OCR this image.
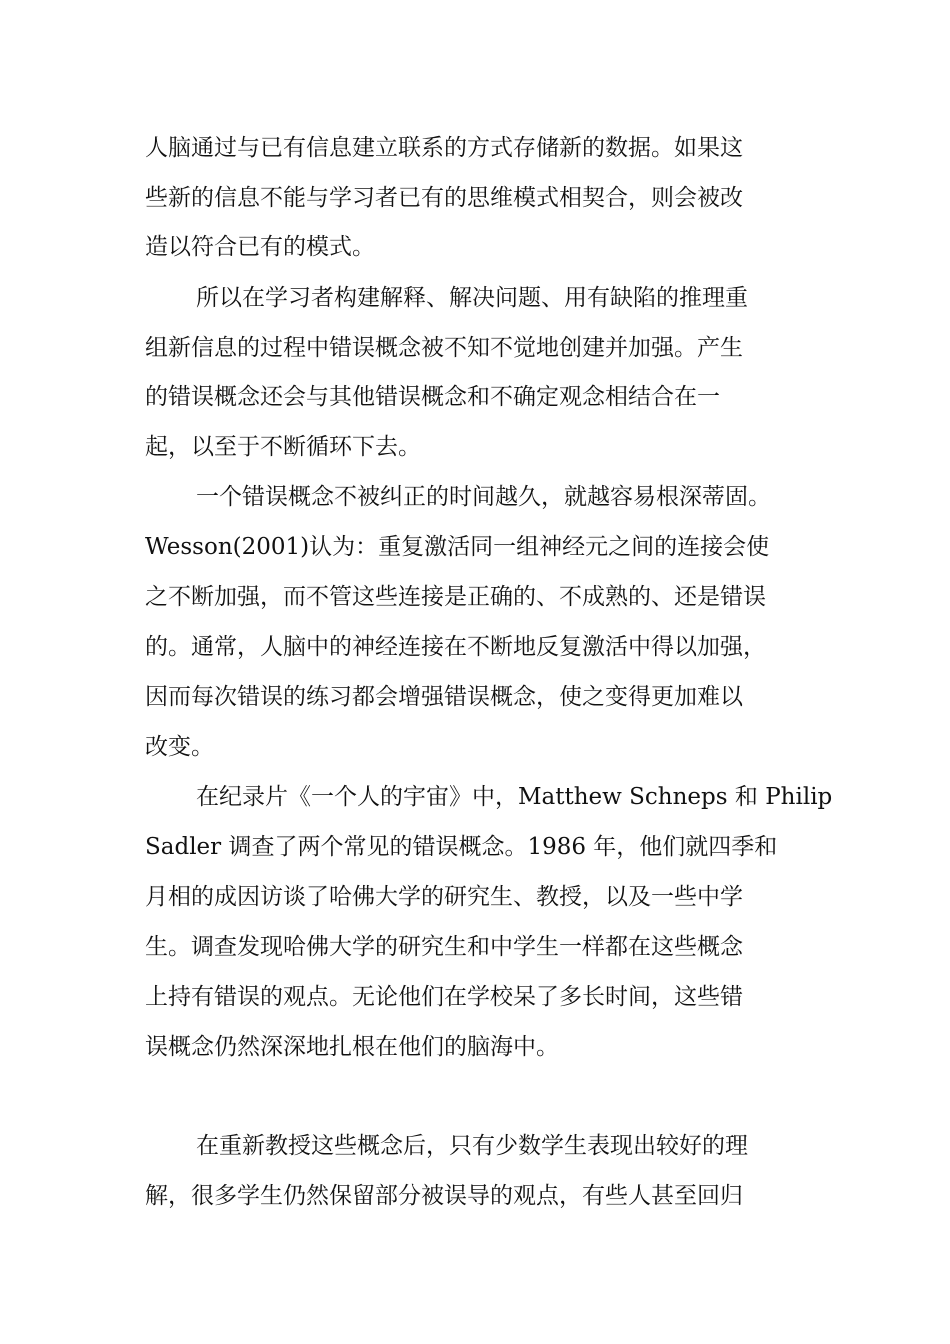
人脑通过与已有信息建立联系的方式存储新的数据。如果这
些新的信息不能与学习者已有的思维模式相契合，则会被改
造以符合已有的模式。
所以在学习者构建解释、解决问题、用有缺陷的推理重
组新信息的过程中错误概念被不知不觉地创建并加强。产生
的错误概念还会与其他错误概念和不确定观念相结合在一
起，以至于不断循环下去。
一个错误概念不被纠正的时间越久，就越容易根深蒂固。
Wesson(2001)认为：重复激活同一组神经元之间的连接会使
之不断加强，而不管这些连接是正确的、不成熟的、还是错误
的。通常，人脑中的神经连接在不断地反复激活中得以加强，
因而每次错误的练习都会增强错误概念，使之变得更加难以
改变。
在纪录片《一个人的宇宙》中，Matthew Schneps 和 Philip
Sadler 调查了两个常见的错误概念。1986 年，他们就四季和
月相的成因访谈了哈佛大学的研究生、教授，以及一些中学
生。调查发现哈佛大学的研究生和中学生一样都在这些概念
上持有错误的观点。无论他们在学校呆了多长时间，这些错
误概念仍然深深地扎根在他们的脑海中。
在重新教授这些概念后，只有少数学生表现出较好的理
解，很多学生仍然保留部分被误导的观点，有些人甚至回归
